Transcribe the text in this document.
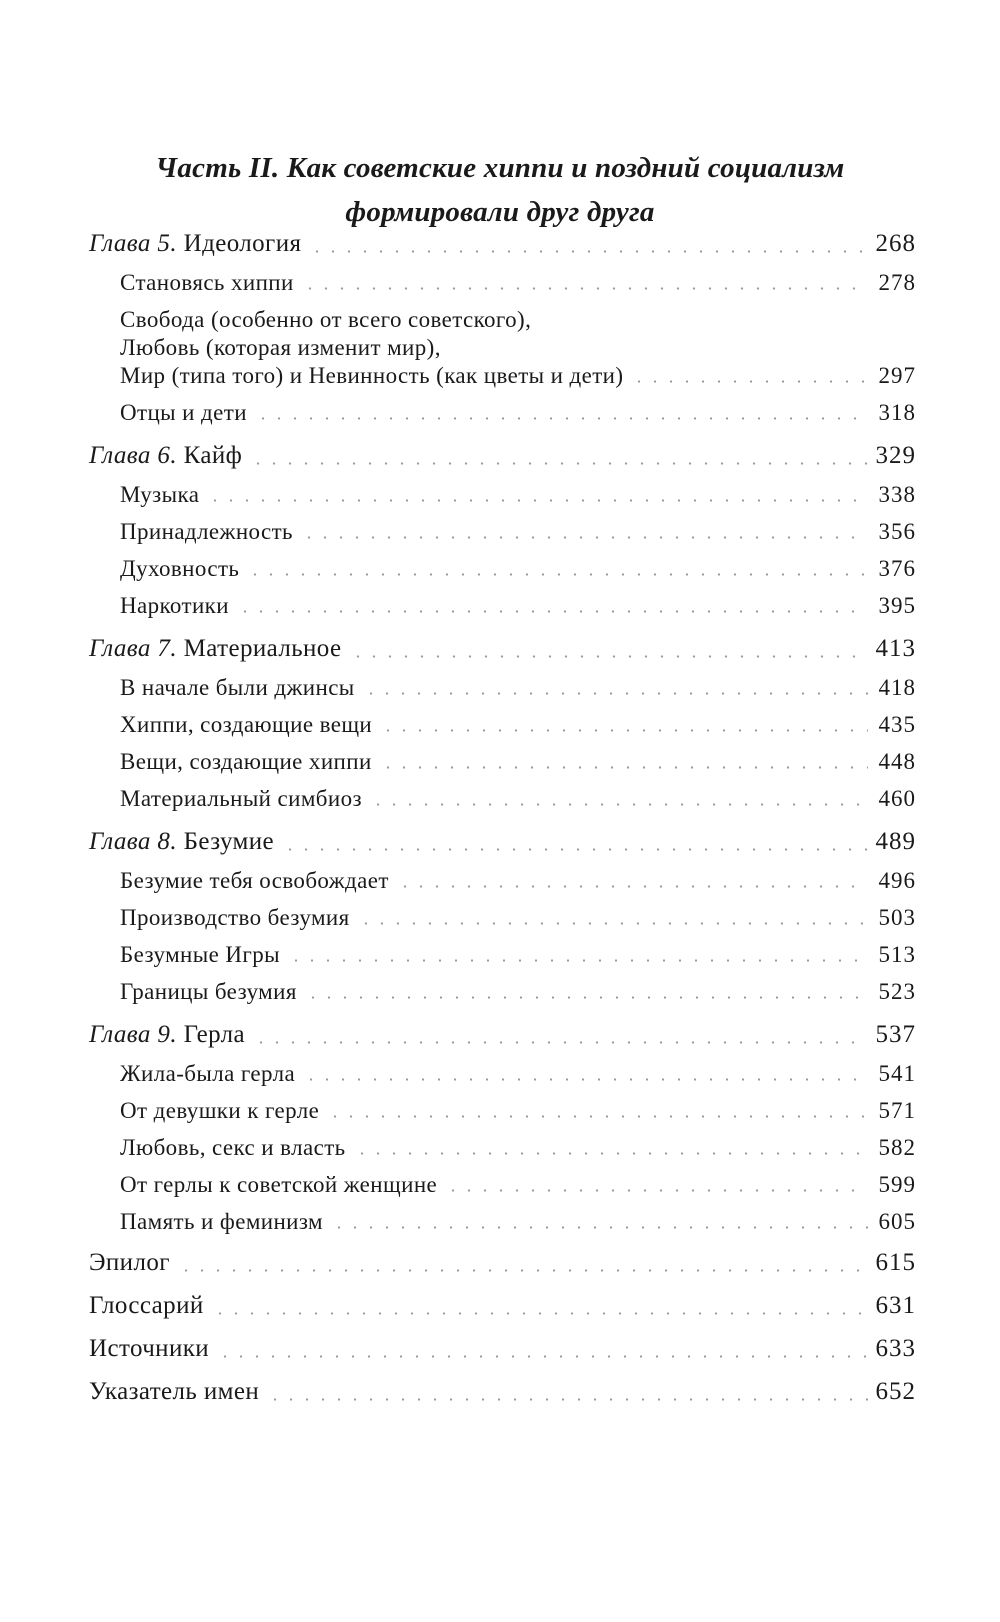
Часть II. Как советские хиппи и поздний социализм
формировали друг друга
Глава 5. Идеология	268
Становясь хиппи	278
Свобода (особенно от всего советского),
Любовь (которая изменит мир),
Мир (типа того) и Невинность (как цветы и дети)	297
Отцы и дети	318
Глава 6. Кайф	329
Музыка	338
Принадлежность	356
Духовность	376
Наркотики	395
Глава 7. Материальное	413
В начале были джинсы	418
Хиппи, создающие вещи	435
Вещи, создающие хиппи	448
Материальный симбиоз	460
Глава 8. Безумие	489
Безумие тебя освобождает	496
Производство безумия	503
Безумные Игры	513
Границы безумия	523
Глава 9. Герла	537
Жила-была герла	541
От девушки к герле	571
Любовь, секс и власть	582
От герлы к советской женщине	599
Память и феминизм	605
Эпилог	615
Глоссарий	631
Источники	633
Указатель имен	652
